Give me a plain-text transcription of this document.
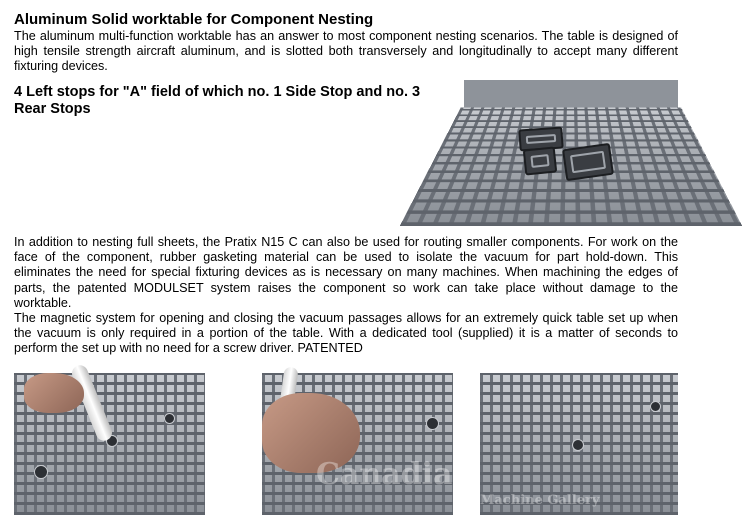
Aluminum Solid worktable for Component Nesting
The aluminum multi-function worktable has an answer to most component nesting scenarios. The table is designed of high tensile strength aircraft aluminum, and is slotted both transversely and longitudinally to accept many different fixturing devices.
4 Left stops for "A" field of which no. 1 Side Stop and no. 3 Rear Stops
In addition to nesting full sheets, the Pratix N15 C can also be used for routing smaller components. For work on the face of the component, rubber gasketing material can be used to isolate the vacuum for part hold-down. This eliminates the need for special fixturing devices as is necessary on many machines. When machining the edges of parts, the patented MODULSET system raises the component so work can take place without damage to the worktable.
The magnetic system for opening and closing the vacuum passages allows for an extremely quick table set up when the vacuum is only required in a portion of the table. With a dedicated tool (supplied) it is a matter of seconds to perform the set up with no need for a screw driver. PATENTED
Canadian

Machine Gallery
